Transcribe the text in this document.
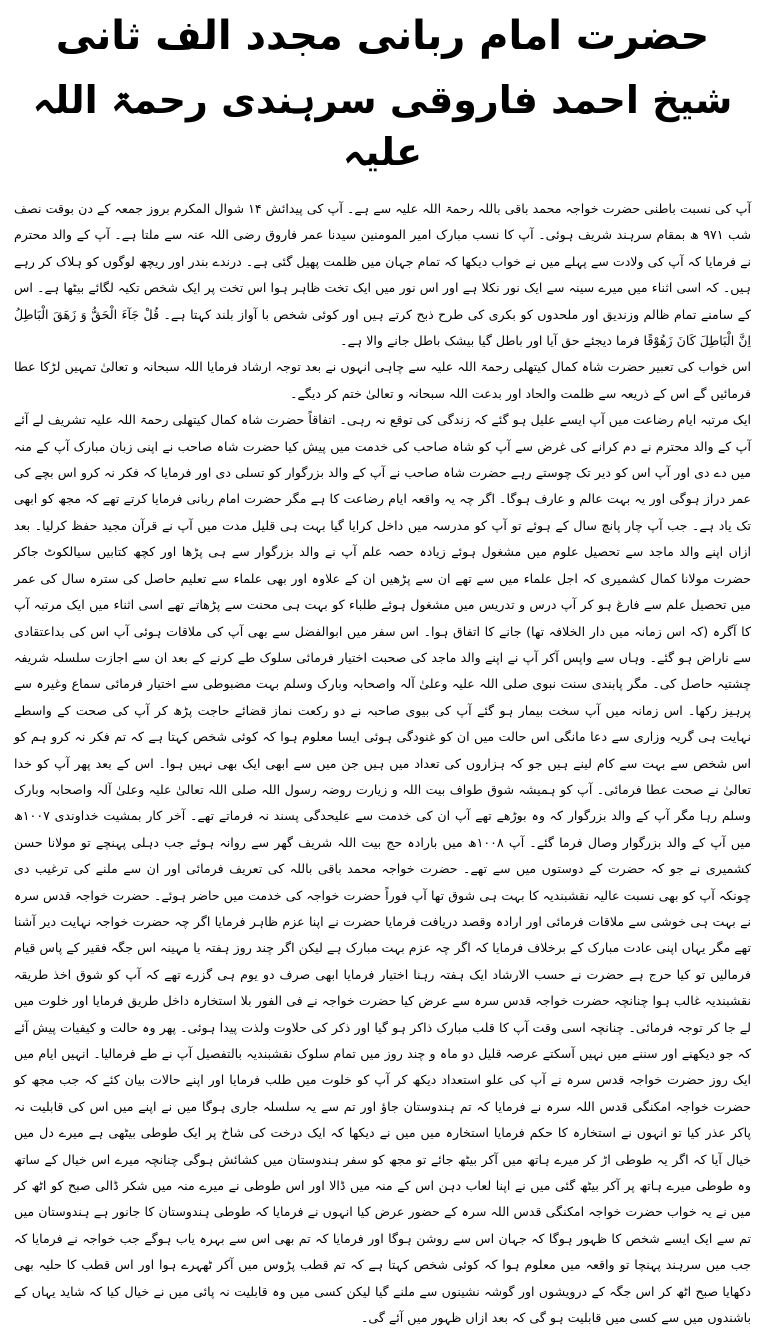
حضرت امام ربانی مجدد الف ثانی
شیخ احمد فاروقی سرہندی رحمۃ اللہ علیہ

آپ کی نسبت باطنی حضرت خواجہ محمد باقی باللہ رحمۃ اللہ علیہ سے ہے۔ آپ کی پیدائش ۱۴ شوال المکرم بروز جمعہ کے دن بوقت نصف شب ۹۷۱ ھ بمقام سرہند شریف ہوئی۔ آپ کا نسب مبارک امیر المومنین سیدنا عمر فاروق رضی اللہ عنہ سے ملتا ہے۔ آپ کے والد محترم نے فرمایا کہ آپ کی ولادت سے پہلے میں نے خواب دیکھا کہ تمام جہان میں ظلمت پھیل گئی ہے۔ درندے بندر اور ریچھ لوگوں کو ہلاک کر رہے ہیں۔ کہ اسی اثناء میں میرے سینہ سے ایک نور نکلا ہے اور اس نور میں ایک تخت ظاہر ہوا اس تخت پر ایک شخص تکیہ لگائے بیٹھا ہے۔ اس کے سامنے تمام ظالم وزندیق اور ملحدوں کو بکری کی طرح ذبح کرتے ہیں اور کوئی شخص با آواز بلند کہتا ہے۔ قُلْ جَآءَ الْحَقُّ وَ زَهَقَ الْبَاطِلُ اِنَّ الْبَاطِلَ كَانَ زَهُوْقًا فرما دیجئے حق آیا اور باطل گیا بیشک باطل جانے والا ہے۔

اس خواب کی تعبیر حضرت شاہ کمال کیتھلی رحمۃ اللہ علیہ سے چاہی انہوں نے بعد توجہ ارشاد فرمایا اللہ سبحانہ و تعالیٰ تمہیں لڑکا عطا فرمائیں گے اس کے ذریعہ سے ظلمت والحاد اور بدعت اللہ سبحانہ و تعالیٰ ختم کر دیگے۔

ایک مرتبہ ایام رضاعت میں آپ ایسے علیل ہو گئے کہ زندگی کی توقع نہ رہی۔ اتفاقاً حضرت شاہ کمال کیتھلی رحمۃ اللہ علیہ تشریف لے آئے آپ کے والد محترم نے دم کرانے کی غرض سے آپ کو شاہ صاحب کی خدمت میں پیش کیا حضرت شاہ صاحب نے اپنی زبان مبارک آپ کے منہ میں دے دی اور آپ اس کو دیر تک چوستے رہے حضرت شاہ صاحب نے آپ کے والد بزرگوار کو تسلی دی اور فرمایا کہ فکر نہ کرو اس بچے کی عمر دراز ہوگی اور یہ بہت عالم و عارف ہوگا۔ اگر چہ یہ واقعہ ایام رضاعت کا ہے مگر حضرت امام ربانی فرمایا کرتے تھے کہ مجھ کو ابھی تک یاد ہے۔ جب آپ چار پانچ سال کے ہوئے تو آپ کو مدرسہ میں داخل کرایا گیا بہت ہی قلیل مدت میں آپ نے قرآن مجید حفظ کرلیا۔ بعد ازاں اپنے والد ماجد سے تحصیل علوم میں مشغول ہوئے زیادہ حصہ علم آپ نے والد بزرگوار سے ہی پڑھا اور کچھ کتابیں سیالکوٹ جاکر حضرت مولانا کمال کشمیری کہ اجل علماء میں سے تھے ان سے پڑھیں ان کے علاوہ اور بھی علماء سے تعلیم حاصل کی سترہ سال کی عمر میں تحصیل علم سے فارغ ہو کر آپ درس و تدریس میں مشغول ہوئے طلباء کو بہت ہی محنت سے پڑھاتے تھے اسی اثناء میں ایک مرتبہ آپ کا آگرہ (کہ اس زمانہ میں دار الخلافہ تھا) جانے کا اتفاق ہوا۔ اس سفر میں ابوالفضل سے بھی آپ کی ملاقات ہوئی آپ اس کی بداعتقادی سے ناراض ہو گئے۔ وہاں سے واپس آکر آپ نے اپنے والد ماجد کی صحبت اختیار فرمائی سلوک طے کرنے کے بعد ان سے اجازت سلسلہ شریفہ چشتیہ حاصل کی۔ مگر پابندی سنت نبوی صلی اللہ علیہ وعلیٰ آلہ واصحابہ وبارک وسلم بہت مضبوطی سے اختیار فرمائی سماع وغیرہ سے پرہیز رکھا۔ اس زمانہ میں آپ سخت بیمار ہو گئے آپ کی بیوی صاحبہ نے دو رکعت نماز قضائے حاجت پڑھ کر آپ کی صحت کے واسطے نہایت ہی گریہ وزاری سے دعا مانگی اس حالت میں ان کو غنودگی ہوئی ایسا معلوم ہوا کہ کوئی شخص کہتا ہے کہ تم فکر نہ کرو ہم کو اس شخص سے بہت سے کام لینے ہیں جو کہ ہزاروں کی تعداد میں ہیں جن میں سے ابھی ایک بھی نہیں ہوا۔ اس کے بعد پھر آپ کو خدا تعالیٰ نے صحت عطا فرمائی۔ آپ کو ہمیشہ شوق طواف بیت اللہ و زیارت روضہ رسول اللہ صلی اللہ تعالیٰ علیہ وعلیٰ آلہ واصحابہ وبارک وسلم رہا مگر آپ کے والد بزرگوار کہ وہ بوڑھے تھے آپ ان کی خدمت سے علیحدگی پسند نہ فرماتے تھے۔ آخر کار بمشیت خداوندی ۱۰۰۷ھ میں آپ کے والد بزرگوار وصال فرما گئے۔ آپ ۱۰۰۸ھ میں بارادہ حج بیت اللہ شریف گھر سے روانہ ہوئے جب دہلی پہنچے تو مولانا حسن کشمیری نے جو کہ حضرت کے دوستوں میں سے تھے۔ حضرت خواجہ محمد باقی باللہ کی تعریف فرمائی اور ان سے ملنے کی ترغیب دی چونکہ آپ کو بھی نسبت عالیہ نقشبندیہ کا بہت ہی شوق تھا آپ فوراً حضرت خواجہ کی خدمت میں حاضر ہوئے۔ حضرت خواجہ قدس سرہ نے بہت ہی خوشی سے ملاقات فرمائی اور ارادہ وقصد دریافت فرمایا حضرت نے اپنا عزم ظاہر فرمایا اگر چہ حضرت خواجہ نہایت دیر آشنا تھے مگر یہاں اپنی عادت مبارک کے برخلاف فرمایا کہ اگر چہ عزم بہت مبارک ہے لیکن اگر چند روز ہفتہ یا مہینہ اس جگہ فقیر کے پاس قیام فرمالیں تو کیا حرج ہے حضرت نے حسب الارشاد ایک ہفتہ رہنا اختیار فرمایا ابھی صرف دو یوم ہی گزرے تھے کہ آپ کو شوق اخذ طریقہ نقشبندیہ غالب ہوا چنانچہ حضرت خواجہ قدس سرہ سے عرض کیا حضرت خواجہ نے فی الفور بلا استخارہ داخل طریق فرمایا اور خلوت میں لے جا کر توجہ فرمائی۔ چنانچہ اسی وقت آپ کا قلب مبارک ذاکر ہو گیا اور ذکر کی حلاوت ولذت پیدا ہوئی۔ پھر وہ حالت و کیفیات پیش آئے کہ جو دیکھنے اور سننے میں نہیں آسکتے عرصہ قلیل دو ماہ و چند روز میں تمام سلوک نقشبندیہ بالتفصیل آپ نے طے فرمالیا۔ انہیں ایام میں ایک روز حضرت خواجہ قدس سرہ نے آپ کی علو استعداد دیکھ کر آپ کو خلوت میں طلب فرمایا اور اپنے حالات بیان کئے کہ جب مجھ کو حضرت خواجہ امکنگی قدس اللہ سرہ نے فرمایا کہ تم ہندوستان جاؤ اور تم سے یہ سلسلہ جاری ہوگا میں نے اپنے میں اس کی قابلیت نہ پاکر عذر کیا تو انہوں نے استخارہ کا حکم فرمایا استخارہ میں میں نے دیکھا کہ ایک درخت کی شاخ پر ایک طوطی بیٹھی ہے میرے دل میں خیال آیا کہ اگر یہ طوطی اڑ کر میرے ہاتھ میں آکر بیٹھ جائے تو مجھ کو سفر ہندوستان میں کشائش ہوگی چنانچہ میرے اس خیال کے ساتھ وہ طوطی میرے ہاتھ پر آکر بیٹھ گئی میں نے اپنا لعاب دہن اس کے منہ میں ڈالا اور اس طوطی نے میرے منہ میں شکر ڈالی صبح کو اٹھ کر میں نے یہ خواب حضرت خواجہ امکنگی قدس اللہ سرہ کے حضور عرض کیا انہوں نے فرمایا کہ طوطی ہندوستان کا جانور ہے ہندوستان میں تم سے ایک ایسے شخص کا ظہور ہوگا کہ جہان اس سے روشن ہوگا اور فرمایا کہ تم بھی اس سے بہرہ یاب ہوگے جب خواجہ نے فرمایا کہ جب میں سرہند پہنچا تو واقعہ میں معلوم ہوا کہ کوئی شخص کہتا ہے کہ تم قطب پڑوس میں آکر ٹھہرے ہوا اور اس قطب کا حلیہ بھی دکھایا صبح اٹھ کر اس جگہ کے درویشوں اور گوشہ نشینوں سے ملنے گیا لیکن کسی میں وہ قابلیت نہ پائی میں نے خیال کیا کہ شاید یہاں کے باشندوں میں سے کسی میں قابلیت ہو گی کہ بعد ازاں ظہور میں آئے گی۔
